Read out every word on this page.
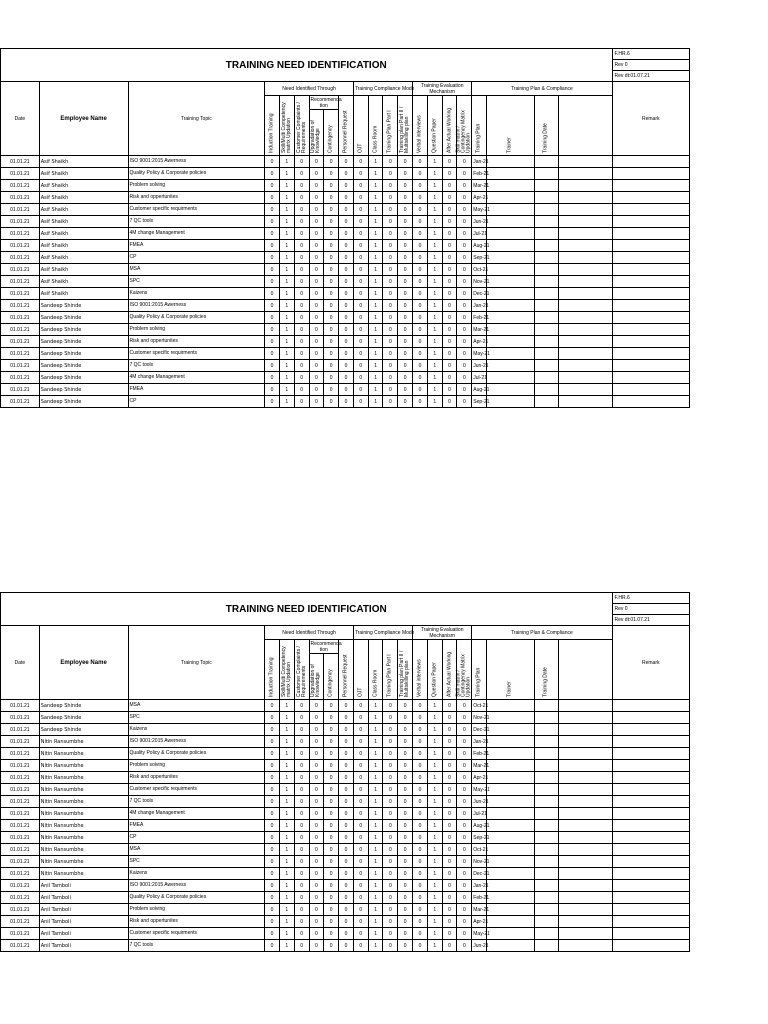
TRAINING NEED IDENTIFICATION																					F.HR.6
																					Rev 0
																					Rev dt:01.07.21
Date	Employee Name	Training Topic	Need Identified Through						Training Compliance Mode				Training Evaluation Mechanism				Training Plan & Compliance				Remark

			Induction Training	Skill/Multi Competency matrix Updation	Customer Complaints / Requirements	Recommenda tion		Personnel Request	OJT	Class Room	Training Plan Part I	Training plan Part II / Multiskilling plan	Verbal interviews	Question Paper	After Actual Working	Skill matrix / Contingency Matrix Updation	Training Plan	Trainer	Training Date		

						Upgradation of Knowledge	Contingency														

01.01.21	Asif Shaikh	ISO 9001:2015 Awerness	0	1	0	0	0	0	0	1	0	0	0	1	0	0	Jan-21				
01.01.21	Asif Shaikh	Quality Policy & Corporate policies	0	1	0	0	0	0	0	1	0	0	0	1	0	0	Feb-21				
01.01.21	Asif Shaikh	Problem solving	0	1	0	0	0	0	0	1	0	0	0	1	0	0	Mar-21				
01.01.21	Asif Shaikh	Risk and oppertunites	0	1	0	0	0	0	0	1	0	0	0	1	0	0	Apr-21				
01.01.21	Asif Shaikh	Customer specific requirments	0	1	0	0	0	0	0	1	0	0	0	1	0	0	May-21				
01.01.21	Asif Shaikh	7 QC tools	0	1	0	0	0	0	0	1	0	0	0	1	0	0	Jun-21				
01.01.21	Asif Shaikh	4M change Management	0	1	0	0	0	0	0	1	0	0	0	1	0	0	Jul-21				
01.01.21	Asif Shaikh	FMEA	0	1	0	0	0	0	0	1	0	0	0	1	0	0	Aug-21				
01.01.21	Asif Shaikh	CP	0	1	0	0	0	0	0	1	0	0	0	1	0	0	Sep-21				
01.01.21	Asif Shaikh	MSA	0	1	0	0	0	0	0	1	0	0	0	1	0	0	Oct-21				
01.01.21	Asif Shaikh	SPC	0	1	0	0	0	0	0	1	0	0	0	1	0	0	Nov-21				
01.01.21	Asif Shaikh	Kaizens	0	1	0	0	0	0	0	1	0	0	0	1	0	0	Dec-21				
01.01.21	Sandeep Shinde	ISO 9001:2015 Awerness	0	1	0	0	0	0	0	1	0	0	0	1	0	0	Jan-21				
01.01.21	Sandeep Shinde	Quality Policy & Corporate policies	0	1	0	0	0	0	0	1	0	0	0	1	0	0	Feb-21				
01.01.21	Sandeep Shinde	Problem solving	0	1	0	0	0	0	0	1	0	0	0	1	0	0	Mar-21				
01.01.21	Sandeep Shinde	Risk and oppertunites	0	1	0	0	0	0	0	1	0	0	0	1	0	0	Apr-21				
01.01.21	Sandeep Shinde	Customer specific requirments	0	1	0	0	0	0	0	1	0	0	0	1	0	0	May-21				
01.01.21	Sandeep Shinde	7 QC tools	0	1	0	0	0	0	0	1	0	0	0	1	0	0	Jun-21				
01.01.21	Sandeep Shinde	4M change Management	0	1	0	0	0	0	0	1	0	0	0	1	0	0	Jul-21				
01.01.21	Sandeep Shinde	FMEA	0	1	0	0	0	0	0	1	0	0	0	1	0	0	Aug-21				
01.01.21	Sandeep Shinde	CP	0	1	0	0	0	0	0	1	0	0	0	1	0	0	Sep-21				
TRAINING NEED IDENTIFICATION																					F.HR.6
																					Rev 0
																					Rev dt:01.07.21
Date	Employee Name	Training Topic	Need Identified Through						Training Compliance Mode				Training Evaluation Mechanism				Training Plan & Compliance				Remark

			Induction Training	Skill/Multi Competency matrix Updation	Customer Complaints / Requirements	Recommenda tion		Personnel Request	OJT	Class Room	Training Plan Part I	Training plan Part II / Multiskilling plan	Verbal interviews	Question Paper	After Actual Working	Skill matrix / Contingency Matrix Updation	Training Plan	Trainer	Training Date		

						Upgradation of Knowledge	Contingency														

01.01.21	Sandeep Shinde	MSA	0	1	0	0	0	0	0	1	0	0	0	1	0	0	Oct-21				
01.01.21	Sandeep Shinde	SPC	0	1	0	0	0	0	0	1	0	0	0	1	0	0	Nov-21				
01.01.21	Sandeep Shinde	Kaizens	0	1	0	0	0	0	0	1	0	0	0	1	0	0	Dec-21				
01.01.21	Nitin Ransumbhe	ISO 9001:2015 Awerness	0	1	0	0	0	0	0	1	0	0	0	1	0	0	Jan-21				
01.01.21	Nitin Ransumbhe	Quality Policy & Corporate policies	0	1	0	0	0	0	0	1	0	0	0	1	0	0	Feb-21				
01.01.21	Nitin Ransumbhe	Problem solving	0	1	0	0	0	0	0	1	0	0	0	1	0	0	Mar-21				
01.01.21	Nitin Ransumbhe	Risk and oppertunites	0	1	0	0	0	0	0	1	0	0	0	1	0	0	Apr-21				
01.01.21	Nitin Ransumbhe	Customer specific requirments	0	1	0	0	0	0	0	1	0	0	0	1	0	0	May-21				
01.01.21	Nitin Ransumbhe	7 QC tools	0	1	0	0	0	0	0	1	0	0	0	1	0	0	Jun-21				
01.01.21	Nitin Ransumbhe	4M change Management	0	1	0	0	0	0	0	1	0	0	0	1	0	0	Jul-21				
01.01.21	Nitin Ransumbhe	FMEA	0	1	0	0	0	0	0	1	0	0	0	1	0	0	Aug-21				
01.01.21	Nitin Ransumbhe	CP	0	1	0	0	0	0	0	1	0	0	0	1	0	0	Sep-21				
01.01.21	Nitin Ransumbhe	MSA	0	1	0	0	0	0	0	1	0	0	0	1	0	0	Oct-21				
01.01.21	Nitin Ransumbhe	SPC	0	1	0	0	0	0	0	1	0	0	0	1	0	0	Nov-21				
01.01.21	Nitin Ransumbhe	Kaizens	0	1	0	0	0	0	0	1	0	0	0	1	0	0	Dec-21				
01.01.21	Anil Tamboli	ISO 9001:2015 Awerness	0	1	0	0	0	0	0	1	0	0	0	1	0	0	Jan-21				
01.01.21	Anil Tamboli	Quality Policy & Corporate policies	0	1	0	0	0	0	0	1	0	0	0	1	0	0	Feb-21				
01.01.21	Anil Tamboli	Problem solving	0	1	0	0	0	0	0	1	0	0	0	1	0	0	Mar-21				
01.01.21	Anil Tamboli	Risk and oppertunites	0	1	0	0	0	0	0	1	0	0	0	1	0	0	Apr-21				
01.01.21	Anil Tamboli	Customer specific requirments	0	1	0	0	0	0	0	1	0	0	0	1	0	0	May-21				
01.01.21	Anil Tamboli	7 QC tools	0	1	0	0	0	0	0	1	0	0	0	1	0	0	Jun-21				
